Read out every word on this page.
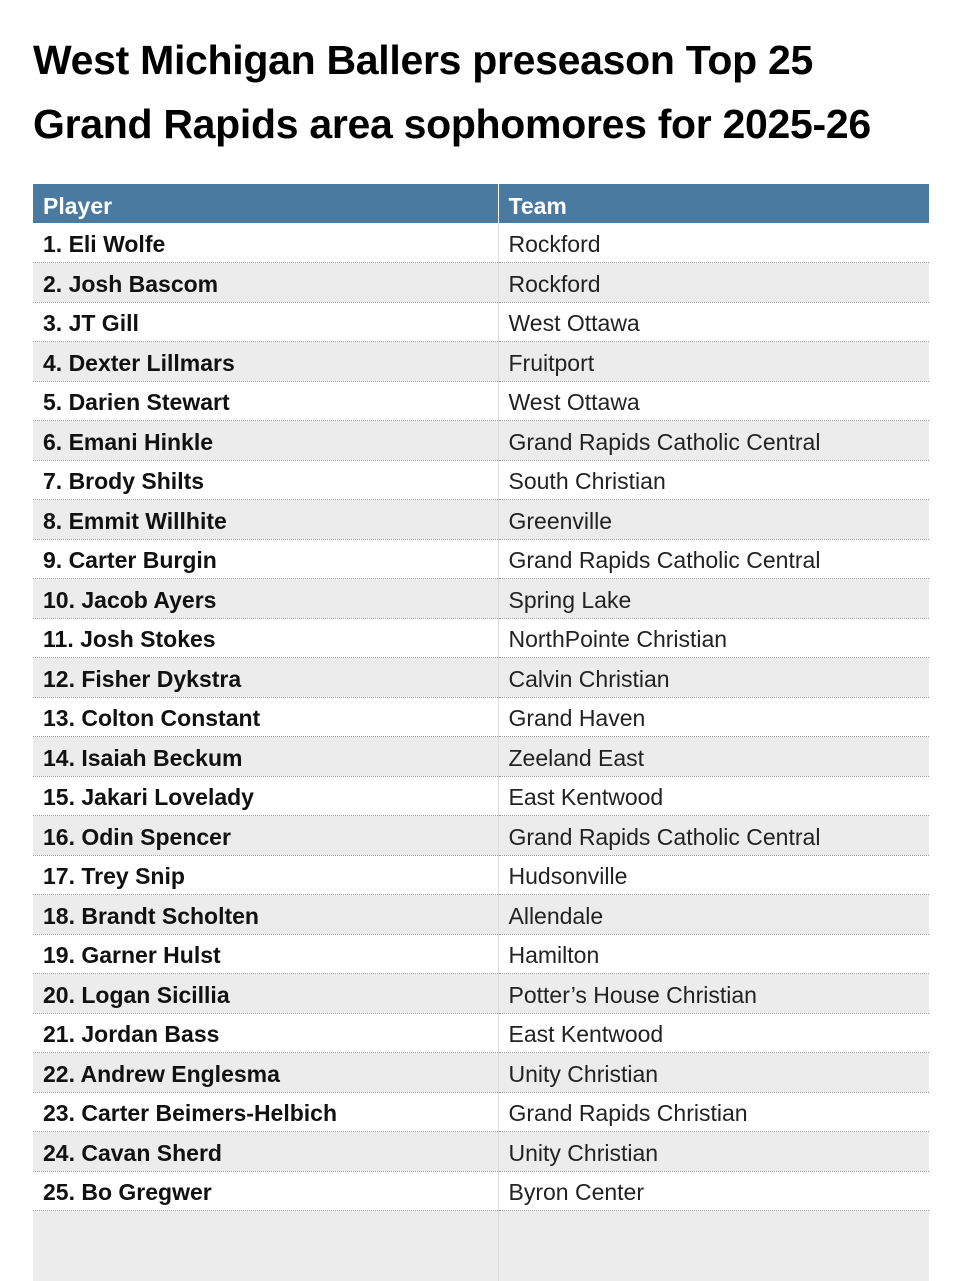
West Michigan Ballers preseason Top 25
Grand Rapids area sophomores for 2025-26
Player	Team
1. Eli Wolfe	Rockford
2. Josh Bascom	Rockford
3. JT Gill	West Ottawa
4. Dexter Lillmars	Fruitport
5. Darien Stewart	West Ottawa
6. Emani Hinkle	Grand Rapids Catholic Central
7. Brody Shilts	South Christian
8. Emmit Willhite	Greenville
9. Carter Burgin	Grand Rapids Catholic Central
10. Jacob Ayers	Spring Lake
11. Josh Stokes	NorthPointe Christian
12. Fisher Dykstra	Calvin Christian
13. Colton Constant	Grand Haven
14. Isaiah Beckum	Zeeland East
15. Jakari Lovelady	East Kentwood
16. Odin Spencer	Grand Rapids Catholic Central
17. Trey Snip	Hudsonville
18. Brandt Scholten	Allendale
19. Garner Hulst	Hamilton
20. Logan Sicillia	Potter’s House Christian
21. Jordan Bass	East Kentwood
22. Andrew Englesma	Unity Christian
23. Carter Beimers-Helbich	Grand Rapids Christian
24. Cavan Sherd	Unity Christian
25. Bo Gregwer	Byron Center
